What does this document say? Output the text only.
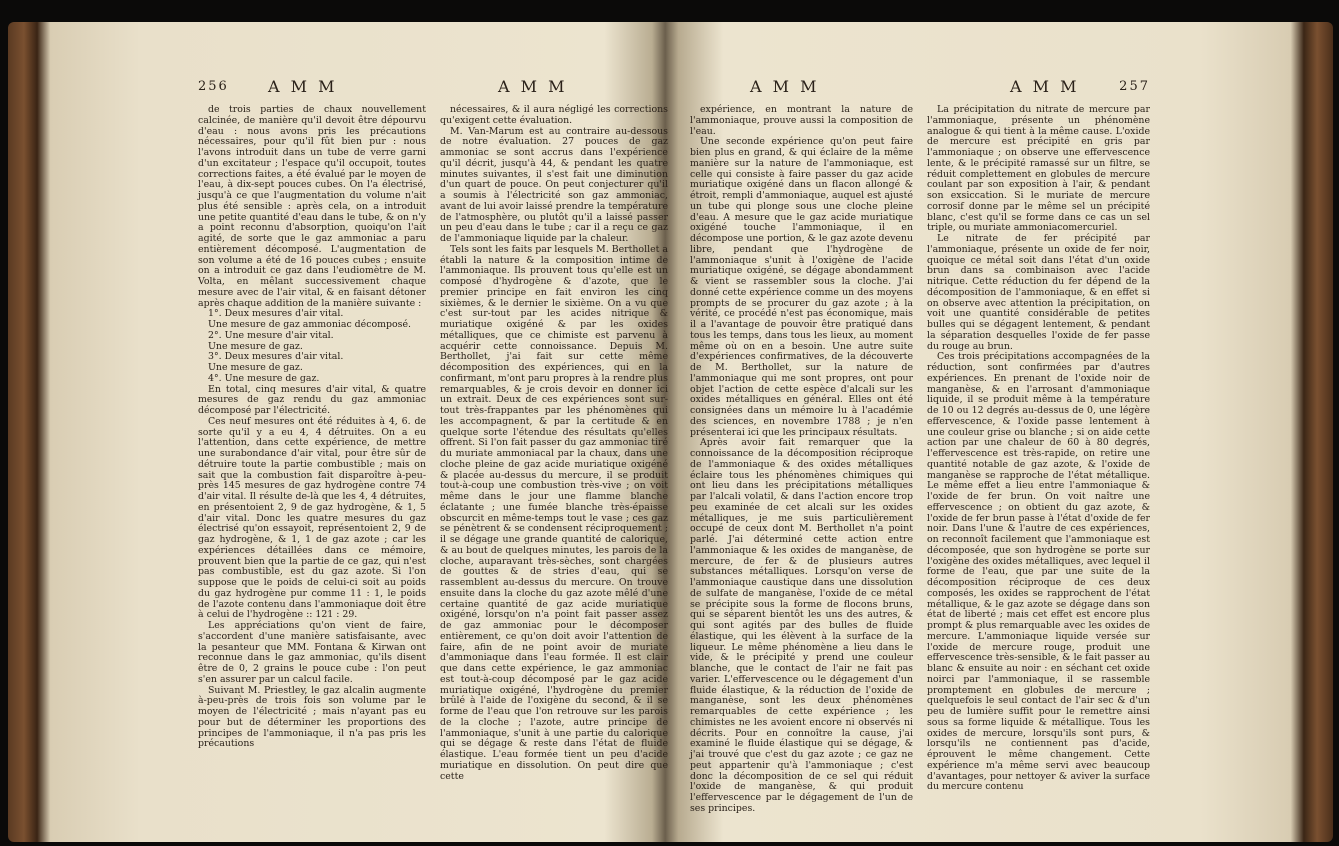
256 A M M	A M M

de trois parties de chaux nouvellement calcinée, de manière qu'il devoit être dépourvu d'eau : nous avons pris les précautions nécessaires, pour qu'il fût bien pur : nous l'avons introduit dans un tube de verre garni d'un excitateur ; l'espace qu'il occupoit, toutes corrections faites, a été évalué par le moyen de l'eau, à dix-sept pouces cubes. On l'a électrisé, jusqu'à ce que l'augmentation du volume n'ait plus été sensible : après cela, on a introduit une petite quantité d'eau dans le tube, & on n'y a point reconnu d'absorption, quoiqu'on l'ait agité, de sorte que le gaz ammoniac a paru entièrement décomposé. L'augmentation de son volume a été de 16 pouces cubes ; ensuite on a introduit ce gaz dans l'eudiomètre de M. Volta, en mêlant successivement chaque mesure avec de l'air vital, & en faisant détoner après chaque addition de la manière suivante :

1°. Deux mesures d'air vital.

Une mesure de gaz ammoniac décomposé.

2°. Une mesure d'air vital.

Une mesure de gaz.

3°. Deux mesures d'air vital.

Une mesure de gaz.

4°. Une mesure de gaz.

En total, cinq mesures d'air vital, & quatre mesures de gaz rendu du gaz ammoniac décomposé par l'électricité.

Ces neuf mesures ont été réduites à 4, 6. de sorte qu'il y a eu 4, 4 détruites. On a eu l'attention, dans cette expérience, de mettre une surabondance d'air vital, pour être sûr de détruire toute la partie combustible ; mais on sait que la combustion fait disparoître à-peu-près 145 mesures de gaz hydrogène contre 74 d'air vital. Il résulte de-là que les 4, 4 détruites, en présentoient 2, 9 de gaz hydrogène, & 1, 5 d'air vital. Donc les quatre mesures du gaz électrisé qu'on essayoit, représentoient 2, 9 de gaz hydrogène, & 1, 1 de gaz azote ; car les expériences détaillées dans ce mémoire, prouvent bien que la partie de ce gaz, qui n'est pas combustible, est du gaz azote. Si l'on suppose que le poids de celui-ci soit au poids du gaz hydrogène pur comme 11 : 1, le poids de l'azote contenu dans l'ammoniaque doit être à celui de l'hydrogène :: 121 : 29.

Les appréciations qu'on vient de faire, s'accordent d'une manière satisfaisante, avec la pesanteur que MM. Fontana & Kirwan ont reconnue dans le gaz ammoniac, qu'ils disent être de 0, 2 grains le pouce cube : l'on peut s'en assurer par un calcul facile.

Suivant M. Priestley, le gaz alcalin augmente à-peu-près de trois fois son volume par le moyen de l'électricité ; mais n'ayant pas eu pour but de déterminer les proportions des principes de l'ammoniaque, il n'a pas pris les précautions

nécessaires, & il aura négligé les corrections qu'exigent cette évaluation.

M. Van-Marum est au contraire au-dessous de notre évaluation. 27 pouces de gaz ammoniac se sont accrus dans l'expérience qu'il décrit, jusqu'à 44, & pendant les quatre minutes suivantes, il s'est fait une diminution d'un quart de pouce. On peut conjecturer qu'il a soumis à l'électricité son gaz ammoniac, avant de lui avoir laissé prendre la température de l'atmosphère, ou plutôt qu'il a laissé passer un peu d'eau dans le tube ; car il a reçu ce gaz de l'ammoniaque liquide par la chaleur.

Tels sont les faits par lesquels M. Berthollet a établi la nature & la composition intime de l'ammoniaque. Ils prouvent tous qu'elle est un composé d'hydrogène & d'azote, que le premier principe en fait environ les cinq sixièmes, & le dernier le sixième. On a vu que c'est sur-tout par les acides nitrique & muriatique oxigéné & par les oxides métalliques, que ce chimiste est parvenu à acquérir cette connoissance. Depuis M. Berthollet, j'ai fait sur cette même décomposition des expériences, qui en la confirmant, m'ont paru propres à la rendre plus remarquables, & je crois devoir en donner ici un extrait. Deux de ces expériences sont sur-tout très-frappantes par les phénomènes qui les accompagnent, & par la certitude & en quelque sorte l'étendue des résultats qu'elles offrent. Si l'on fait passer du gaz ammoniac tiré du muriate ammoniacal par la chaux, dans une cloche pleine de gaz acide muriatique oxigéné & placée au-dessus du mercure, il se produit tout-à-coup une combustion très-vive ; on voit même dans le jour une flamme blanche éclatante ; une fumée blanche très-épaisse obscurcit en même-temps tout le vase ; ces gaz se pénètrent & se condensent réciproquement ; il se dégage une grande quantité de calorique, & au bout de quelques minutes, les parois de la cloche, auparavant très-sèches, sont chargées de gouttes & de stries d'eau, qui se rassemblent au-dessus du mercure. On trouve ensuite dans la cloche du gaz azote mêlé d'une certaine quantité de gaz acide muriatique oxigéné, lorsqu'on n'a point fait passer assez de gaz ammoniac pour le décomposer entièrement, ce qu'on doit avoir l'attention de faire, afin de ne point avoir de muriate d'ammoniaque dans l'eau formée. Il est clair que dans cette expérience, le gaz ammoniac est tout-à-coup décomposé par le gaz acide muriatique oxigéné, l'hydrogène du premier brûlé à l'aide de l'oxigène du second, & il se forme de l'eau que l'on retrouve sur les parois de la cloche ; l'azote, autre principe de l'ammoniaque, s'unit à une partie du calorique qui se dégage & reste dans l'état de fluide élastique. L'eau formée tient un peu d'acide muriatique en dissolution. On peut dire que cette

257
A M M	A M M

expérience, en montrant la nature de l'ammoniaque, prouve aussi la composition de l'eau.

Une seconde expérience qu'on peut faire bien plus en grand, & qui éclaire de la même manière sur la nature de l'ammoniaque, est celle qui consiste à faire passer du gaz acide muriatique oxigéné dans un flacon allongé & étroit, rempli d'ammoniaque, auquel est ajusté un tube qui plonge sous une cloche pleine d'eau. A mesure que le gaz acide muriatique oxigéné touche l'ammoniaque, il en décompose une portion, & le gaz azote devenu libre, pendant que l'hydrogène de l'ammoniaque s'unit à l'oxigène de l'acide muriatique oxigéné, se dégage abondamment & vient se rassembler sous la cloche. J'ai donné cette expérience comme un des moyens prompts de se procurer du gaz azote ; à la vérité, ce procédé n'est pas économique, mais il a l'avantage de pouvoir être pratiqué dans tous les temps, dans tous les lieux, au moment même où on en a besoin. Une autre suite d'expériences confirmatives, de la découverte de M. Berthollet, sur la nature de l'ammoniaque qui me sont propres, ont pour objet l'action de cette espèce d'alcali sur les oxides métalliques en général. Elles ont été consignées dans un mémoire lu à l'académie des sciences, en novembre 1788 ; je n'en présenterai ici que les principaux résultats.

Après avoir fait remarquer que la connoissance de la décomposition réciproque de l'ammoniaque & des oxides métalliques éclaire tous les phénomènes chimiques qui ont lieu dans les précipitations métalliques par l'alcali volatil, & dans l'action encore trop peu examinée de cet alcali sur les oxides métalliques, je me suis particulièrement occupé de ceux dont M. Berthollet n'a point parlé. J'ai déterminé cette action entre l'ammoniaque & les oxides de manganèse, de mercure, de fer & de plusieurs autres substances métalliques. Lorsqu'on verse de l'ammoniaque caustique dans une dissolution de sulfate de manganèse, l'oxide de ce métal se précipite sous la forme de flocons bruns, qui se séparent bientôt les uns des autres, & qui sont agités par des bulles de fluide élastique, qui les élèvent à la surface de la liqueur. Le même phénomène a lieu dans le vide, & le précipité y prend une couleur blanche, que le contact de l'air ne fait pas varier. L'effervescence ou le dégagement d'un fluide élastique, & la réduction de l'oxide de manganèse, sont les deux phénomènes remarquables de cette expérience ; les chimistes ne les avoient encore ni observés ni décrits. Pour en connoître la cause, j'ai examiné le fluide élastique qui se dégage, & j'ai trouvé que c'est du gaz azote ; ce gaz ne peut appartenir qu'à l'ammoniaque ; c'est donc la décomposition de ce sel qui réduit l'oxide de manganèse, & qui produit l'effervescence par le dégagement de l'un de ses principes.

La précipitation du nitrate de mercure par l'ammoniaque, présente un phénomène analogue & qui tient à la même cause. L'oxide de mercure est précipité en gris par l'ammoniaque ; on observe une effervescence lente, & le précipité ramassé sur un filtre, se réduit complettement en globules de mercure coulant par son exposition à l'air, & pendant son exsiccation. Si le muriate de mercure corrosif donne par le même sel un précipité blanc, c'est qu'il se forme dans ce cas un sel triple, ou muriate ammoniacomercuriel.

Le nitrate de fer précipité par l'ammoniaque, présente un oxide de fer noir, quoique ce métal soit dans l'état d'un oxide brun dans sa combinaison avec l'acide nitrique. Cette réduction du fer dépend de la décomposition de l'ammoniaque, & en effet si on observe avec attention la précipitation, on voit une quantité considérable de petites bulles qui se dégagent lentement, & pendant la séparation desquelles l'oxide de fer passe du rouge au brun.

Ces trois précipitations accompagnées de la réduction, sont confirmées par d'autres expériences. En prenant de l'oxide noir de manganèse, & en l'arrosant d'ammoniaque liquide, il se produit même à la température de 10 ou 12 degrés au-dessus de 0, une légère effervescence, & l'oxide passe lentement à une couleur grise ou blanche ; si on aide cette action par une chaleur de 60 à 80 degrés, l'effervescence est très-rapide, on retire une quantité notable de gaz azote, & l'oxide de manganèse se rapproche de l'état métallique. Le même effet a lieu entre l'ammoniaque & l'oxide de fer brun. On voit naître une effervescence ; on obtient du gaz azote, & l'oxide de fer brun passe à l'état d'oxide de fer noir. Dans l'une & l'autre de ces expériences, on reconnoît facilement que l'ammoniaque est décomposée, que son hydrogène se porte sur l'oxigène des oxides métalliques, avec lequel il forme de l'eau, que par une suite de la décomposition réciproque de ces deux composés, les oxides se rapprochent de l'état métallique, & le gaz azote se dégage dans son état de liberté ; mais cet effet est encore plus prompt & plus remarquable avec les oxides de mercure. L'ammoniaque liquide versée sur l'oxide de mercure rouge, produit une effervescence très-sensible, & le fait passer au blanc & ensuite au noir : en séchant cet oxide noirci par l'ammoniaque, il se rassemble promptement en globules de mercure ; quelquefois le seul contact de l'air sec & d'un peu de lumière suffit pour le remettre ainsi sous sa forme liquide & métallique. Tous les oxides de mercure, lorsqu'ils sont purs, & lorsqu'ils ne contiennent pas d'acide, éprouvent le même changement. Cette expérience m'a même servi avec beaucoup d'avantages, pour nettoyer & aviver la surface du mercure contenu
